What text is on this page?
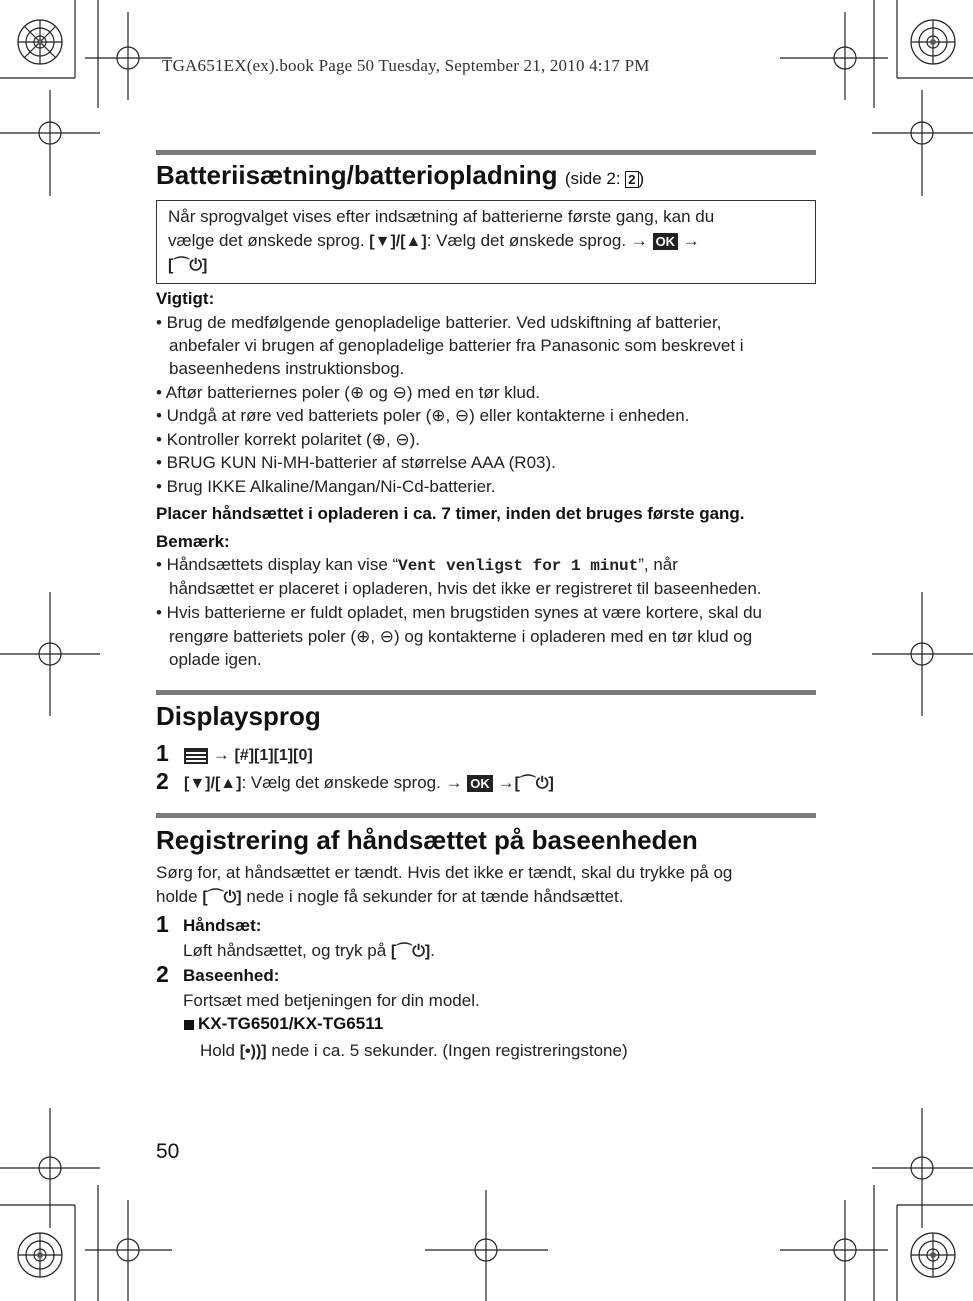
TGA651EX(ex).book Page 50 Tuesday, September 21, 2010 4:17 PM
Batteriisætning/batteriopladning (side 2: 2 )
Når sprogvalget vises efter indsætning af batterierne første gang, kan du
vælge det ønskede sprog. [▼]/[▲]: Vælg det ønskede sprog. → OK →
[⌒⏻]
Vigtigt:
• Brug de medfølgende genopladelige batterier. Ved udskiftning af batterier,
anbefaler vi brugen af genopladelige batterier fra Panasonic som beskrevet i
baseenhedens instruktionsbog.
• Aftør batteriernes poler (⊕ og ⊖) med en tør klud.
• Undgå at røre ved batteriets poler (⊕, ⊖) eller kontakterne i enheden.
• Kontroller korrekt polaritet (⊕, ⊖).
• BRUG KUN Ni-MH-batterier af størrelse AAA (R03).
• Brug IKKE Alkaline/Mangan/Ni-Cd-batterier.
Placer håndsættet i opladeren i ca. 7 timer, inden det bruges første gang.
Bemærk:
• Håndsættets display kan vise “Vent venligst for 1 minut”, når
håndsættet er placeret i opladeren, hvis det ikke er registreret til baseenheden.
• Hvis batterierne er fuldt opladet, men brugstiden synes at være kortere, skal du
rengøre batteriets poler (⊕, ⊖) og kontakterne i opladeren med en tør klud og
oplade igen.
Displaysprog
1	→ [#][1][1][0]
2 [▼]/[▲]: Vælg det ønskede sprog. → OK →[⌒⏻]
Registrering af håndsættet på baseenheden
Sørg for, at håndsættet er tændt. Hvis det ikke er tændt, skal du trykke på og
holde [⌒⏻] nede i nogle få sekunder for at tænde håndsættet.
1 Håndsæt:
Løft håndsættet, og tryk på [⌒⏻].
2 Baseenhed:
Fortsæt med betjeningen for din model.
KX-TG6501/KX-TG6511
Hold [•))] nede i ca. 5 sekunder. (Ingen registreringstone)
50
